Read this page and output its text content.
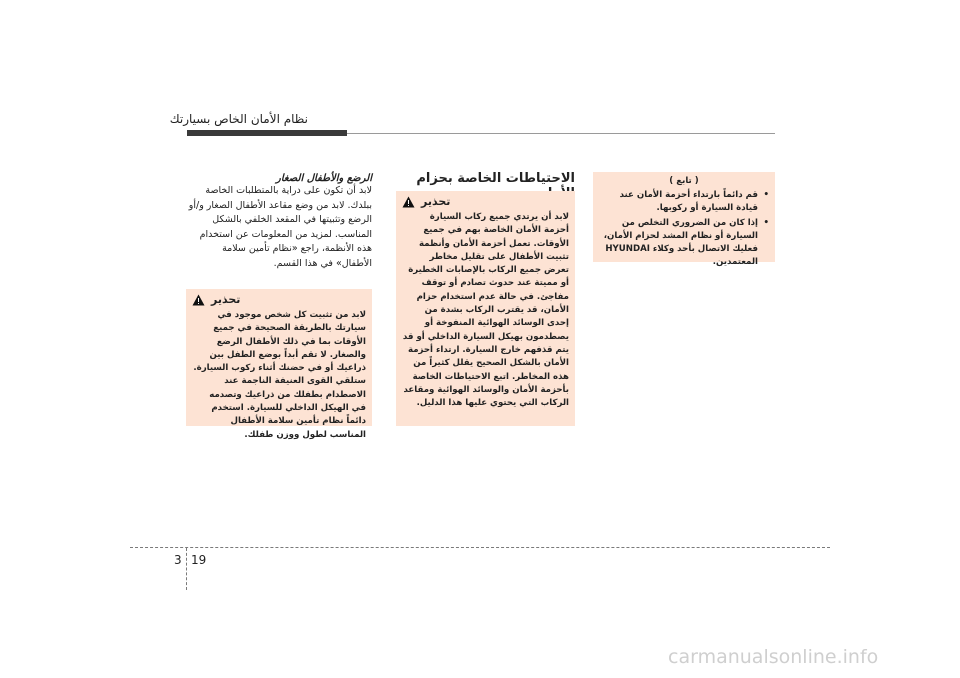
نظام الأمان الخاص بسيارتك
الرضع والأطفال الصغار

لابد أن تكون على دراية بالمتطلبات الخاصة ببلدك. لابد من وضع مقاعد الأطفال الصغار و/أو الرضع وتثبيتها في المقعد الخلفي بالشكل المناسب. لمزيد من المعلومات عن استخدام هذه الأنظمة، راجع «نظام تأمين سلامة الأطفال» في هذا القسم.

تحذير

لابد من تثبيت كل شخص موجود في سيارتك بالطريقة الصحيحة في جميع الأوقات بما في ذلك الأطفال الرضع والصغار. لا تقم أبداً بوضع الطفل بين ذراعيك أو في حضنك أثناء ركوب السيارة. ستلقي القوى العنيفة الناجمة عند الاصطدام بطفلك من ذراعيك وتصدمه في الهيكل الداخلي للسيارة. استخدم دائماً نظام تأمين سلامة الأطفال المناسب لطول ووزن طفلك.

الاحتياطات الخاصة بحزام
تحذير

لابد أن يرتدي جميع ركاب السيارة أحزمة الأمان الخاصة بهم في جميع الأوقات. تعمل أحزمة الأمان وأنظمة تثبيت الأطفال على تقليل مخاطر تعرض جميع الركاب بالإصابات الخطيرة أو مميتة عند حدوث تصادم أو توقف مفاجئ. في حالة عدم استخدام حزام الأمان، قد يقترب الركاب بشدة من إحدى الوسائد الهوائية المنفوخة أو يصطدمون بهيكل السيارة الداخلي أو قد يتم قذفهم خارج السيارة. ارتداء أحزمة الأمان بالشكل الصحيح يقلل كثيراً من هذه المخاطر. اتبع الاحتياطات الخاصة بأحزمة الأمان والوسائد الهوائية ومقاعد الركاب التي يحتوي عليها هذا الدليل.

( تابع )
•
قم دائماً بارتداء أحزمة الأمان عند قيادة السيارة أو ركوبها.
•
إذا كان من الضروري التخلص من السيارة أو نظام المشد لحزام الأمان، فعليك الاتصال بأحد وكلاء HYUNDAI المعتمدين.
3 19
carmanualsonline.info
